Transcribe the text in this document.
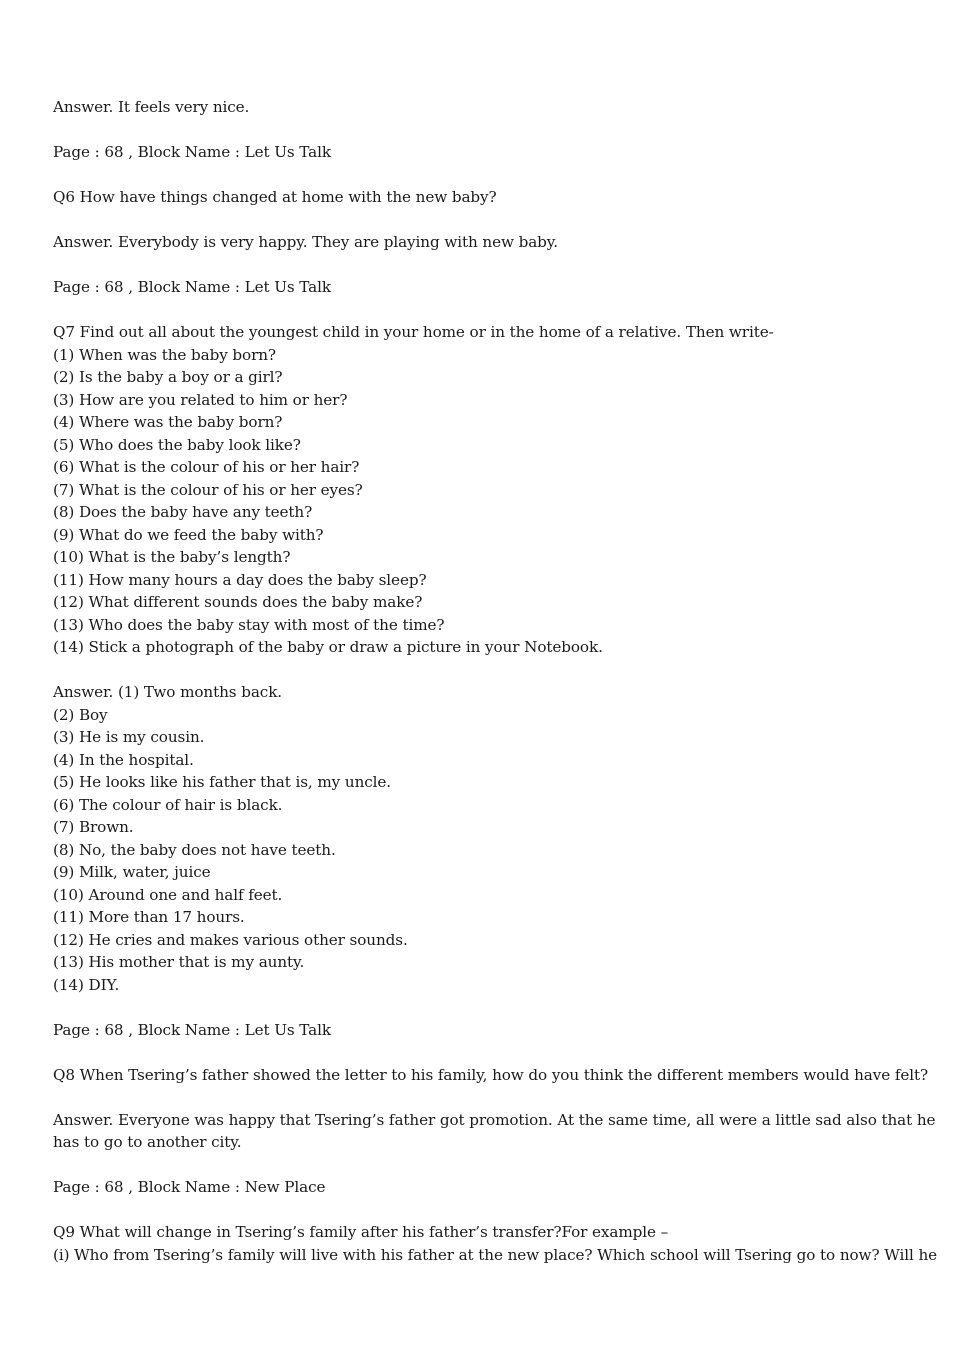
Answer. It feels very nice.
Page : 68 , Block Name : Let Us Talk
Q6 How have things changed at home with the new baby?
Answer. Everybody is very happy. They are playing with new baby.
Page : 68 , Block Name : Let Us Talk
Q7 Find out all about the youngest child in your home or in the home of a relative. Then write-
(1) When was the baby born?
(2) Is the baby a boy or a girl?
(3) How are you related to him or her?
(4) Where was the baby born?
(5) Who does the baby look like?
(6) What is the colour of his or her hair?
(7) What is the colour of his or her eyes?
(8) Does the baby have any teeth?
(9) What do we feed the baby with?
(10) What is the baby’s length?
(11) How many hours a day does the baby sleep?
(12) What different sounds does the baby make?
(13) Who does the baby stay with most of the time?
(14) Stick a photograph of the baby or draw a picture in your Notebook.
Answer. (1) Two months back.
(2) Boy
(3) He is my cousin.
(4) In the hospital.
(5) He looks like his father that is, my uncle.
(6) The colour of hair is black.
(7) Brown.
(8) No, the baby does not have teeth.
(9) Milk, water, juice
(10) Around one and half feet.
(11) More than 17 hours.
(12) He cries and makes various other sounds.
(13) His mother that is my aunty.
(14) DIY.
Page : 68 , Block Name : Let Us Talk
Q8 When Tsering’s father showed the letter to his family, how do you think the different members would have felt?
Answer. Everyone was happy that Tsering’s father got promotion. At the same time, all were a little sad also that he
has to go to another city.
Page : 68 , Block Name : New Place
Q9 What will change in Tsering’s family after his father’s transfer?For example –
(i) Who from Tsering’s family will live with his father at the new place? Which school will Tsering go to now? Will he
